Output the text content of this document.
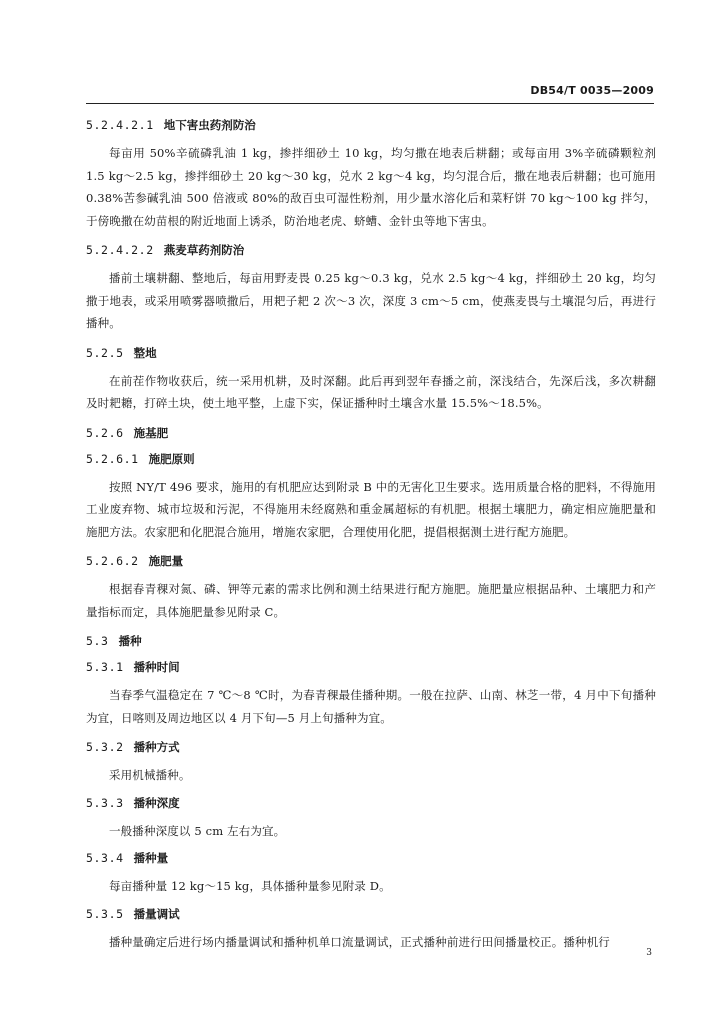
DB54/T 0035—2009
5.2.4.2.1 地下害虫药剂防治
每亩用 50%辛硫磷乳油 1 kg，掺拌细砂土 10 kg，均匀撒在地表后耕翻；或每亩用 3%辛硫磷颗粒剂 1.5 kg～2.5 kg，掺拌细砂土 20 kg～30 kg，兑水 2 kg～4 kg，均匀混合后，撒在地表后耕翻；也可施用 0.38%苦参碱乳油 500 倍液或 80%的敌百虫可湿性粉剂，用少量水溶化后和菜籽饼 70 kg～100 kg 拌匀，于傍晚撒在幼苗根的附近地面上诱杀，防治地老虎、蛴螬、金针虫等地下害虫。
5.2.4.2.2 燕麦草药剂防治
播前土壤耕翻、整地后，每亩用野麦畏 0.25 kg～0.3 kg，兑水 2.5 kg～4 kg，拌细砂土 20 kg，均匀撒于地表，或采用喷雾器喷撒后，用耙子耙 2 次～3 次，深度 3 cm～5 cm，使燕麦畏与土壤混匀后，再进行播种。
5.2.5 整地
在前茬作物收获后，统一采用机耕，及时深翻。此后再到翌年春播之前，深浅结合，先深后浅，多次耕翻及时耙耱，打碎土块，使土地平整，上虚下实，保证播种时土壤含水量 15.5%～18.5%。
5.2.6 施基肥
5.2.6.1 施肥原则
按照 NY/T 496 要求，施用的有机肥应达到附录 B 中的无害化卫生要求。选用质量合格的肥料，不得施用工业废弃物、城市垃圾和污泥，不得施用未经腐熟和重金属超标的有机肥。根据土壤肥力，确定相应施肥量和施肥方法。农家肥和化肥混合施用，增施农家肥，合理使用化肥，提倡根据测土进行配方施肥。
5.2.6.2 施肥量
根据春青稞对氮、磷、钾等元素的需求比例和测土结果进行配方施肥。施肥量应根据品种、土壤肥力和产量指标而定，具体施肥量参见附录 C。
5.3 播种
5.3.1 播种时间
当春季气温稳定在 7 ℃～8 ℃时，为春青稞最佳播种期。一般在拉萨、山南、林芝一带，4 月中下旬播种为宜，日喀则及周边地区以 4 月下旬—5 月上旬播种为宜。
5.3.2 播种方式
采用机械播种。
5.3.3 播种深度
一般播种深度以 5 cm 左右为宜。
5.3.4 播种量
每亩播种量 12 kg～15 kg，具体播种量参见附录 D。
5.3.5 播量调试
播种量确定后进行场内播量调试和播种机单口流量调试，正式播种前进行田间播量校正。播种机行
3
